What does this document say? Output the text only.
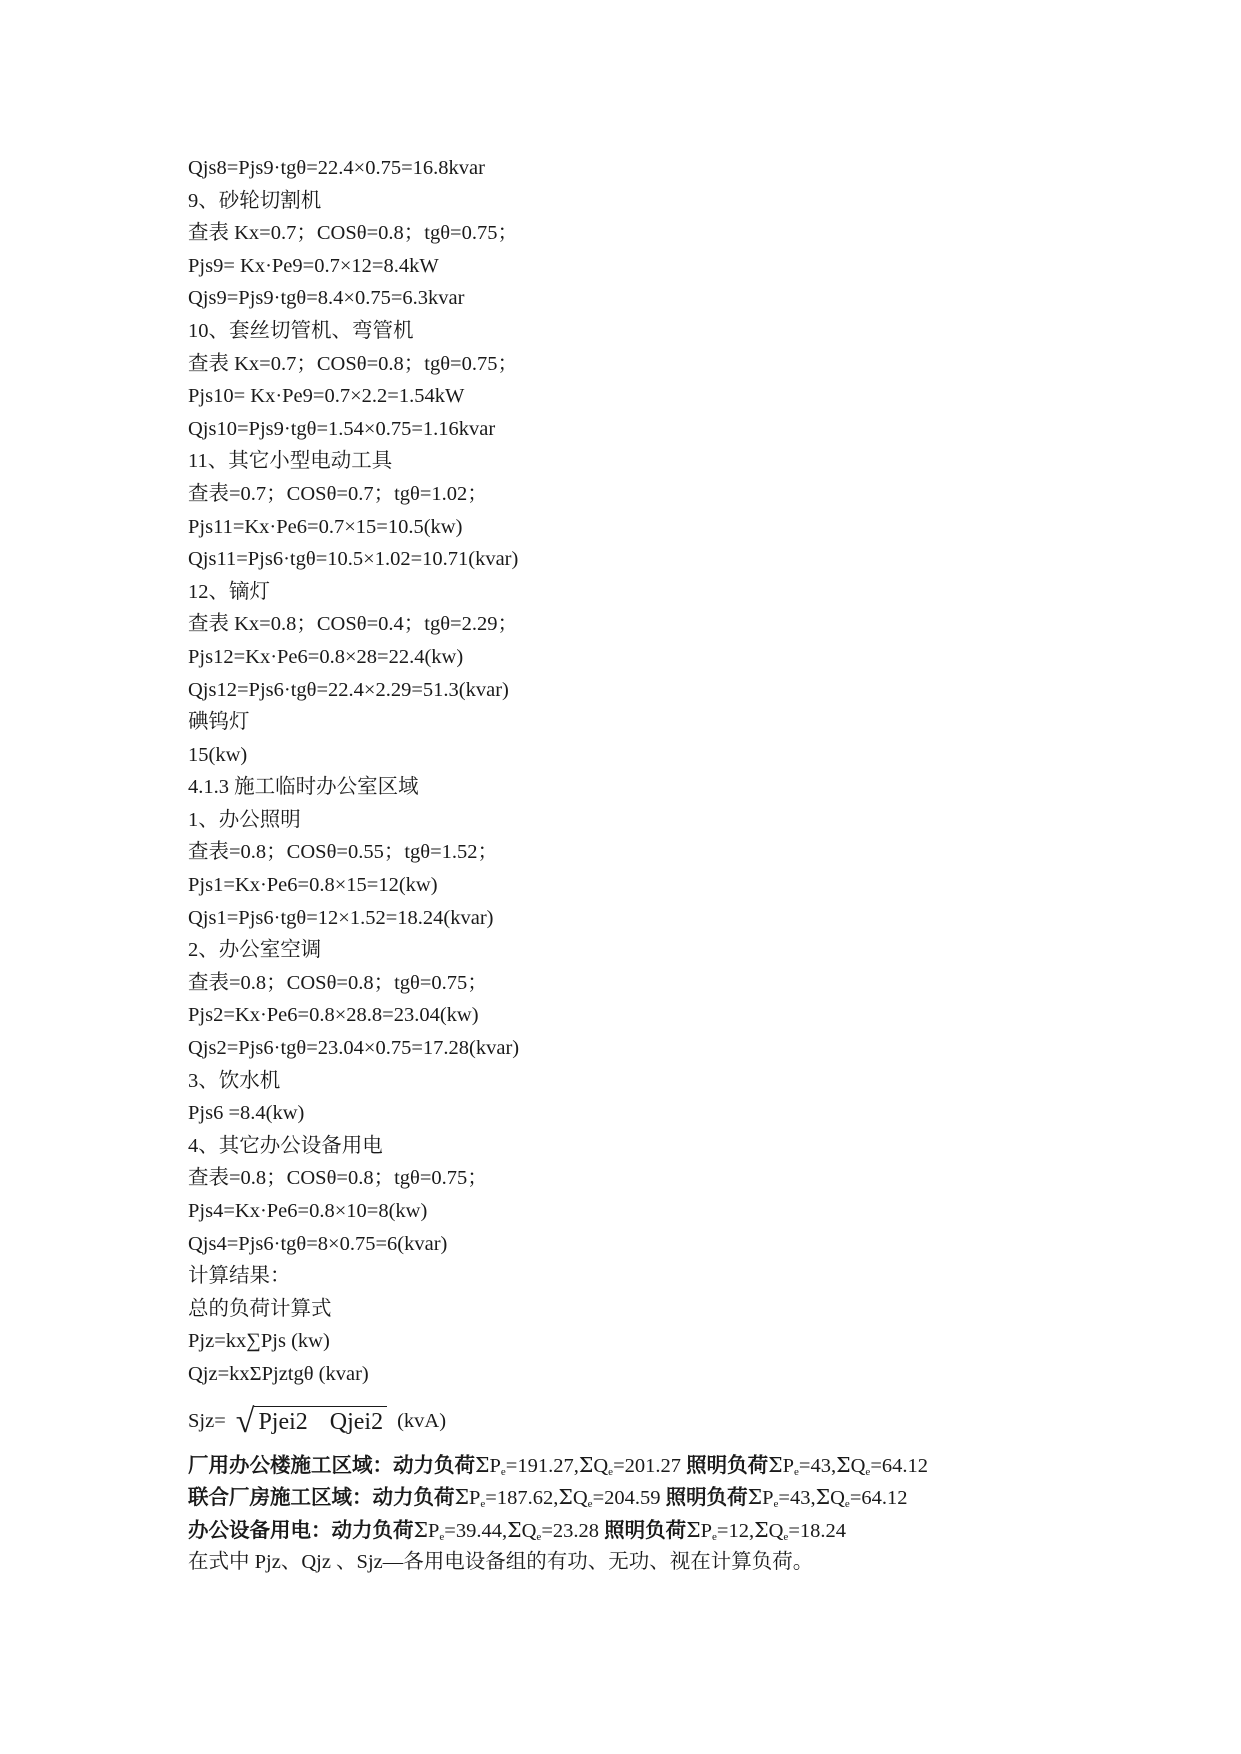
Qjs8=Pjs9·tgθ=22.4×0.75=16.8kvar
9、砂轮切割机
查表 Kx=0.7；COSθ=0.8；tgθ=0.75；
Pjs9= Kx·Pe9=0.7×12=8.4kW
Qjs9=Pjs9·tgθ=8.4×0.75=6.3kvar
10、套丝切管机、弯管机
查表 Kx=0.7；COSθ=0.8；tgθ=0.75；
Pjs10= Kx·Pe9=0.7×2.2=1.54kW
Qjs10=Pjs9·tgθ=1.54×0.75=1.16kvar
11、其它小型电动工具
查表=0.7；COSθ=0.7；tgθ=1.02；
Pjs11=Kx·Pe6=0.7×15=10.5(kw)
Qjs11=Pjs6·tgθ=10.5×1.02=10.71(kvar)
12、镝灯
查表 Kx=0.8；COSθ=0.4；tgθ=2.29；
Pjs12=Kx·Pe6=0.8×28=22.4(kw)
Qjs12=Pjs6·tgθ=22.4×2.29=51.3(kvar)
碘钨灯
15(kw)
4.1.3 施工临时办公室区域
1、办公照明
查表=0.8；COSθ=0.55；tgθ=1.52；
Pjs1=Kx·Pe6=0.8×15=12(kw)
Qjs1=Pjs6·tgθ=12×1.52=18.24(kvar)
2、办公室空调
查表=0.8；COSθ=0.8；tgθ=0.75；
Pjs2=Kx·Pe6=0.8×28.8=23.04(kw)
Qjs2=Pjs6·tgθ=23.04×0.75=17.28(kvar)
3、饮水机
Pjs6 =8.4(kw)
4、其它办公设备用电
查表=0.8；COSθ=0.8；tgθ=0.75；
Pjs4=Kx·Pe6=0.8×10=8(kw)
Qjs4=Pjs6·tgθ=8×0.75=6(kvar)
计算结果：
总的负荷计算式
Pjz=kx∑Pjs (kw)
Qjz=kxΣPjztgθ (kvar)
Sjz= √ Pjei2 Qjei2 (kvA)
厂用办公楼施工区域：动力负荷$\Sigma P_e=191.27,\Sigma Q_e=201.27$ 照明负荷$\Sigma P_e=43,\Sigma Q_e=64.12$
联合厂房施工区域：动力负荷$\Sigma P_e=187.62,\Sigma Q_e=204.59$ 照明负荷$\Sigma P_e=43,\Sigma Q_e=64.12$
办公设备用电：动力负荷$\Sigma P_e=39.44,\Sigma Q_e=23.28$ 照明负荷$\Sigma P_e=12,\Sigma Q_e=18.24$
在式中 Pjz、Qjz 、Sjz—各用电设备组的有功、无功、视在计算负荷。
